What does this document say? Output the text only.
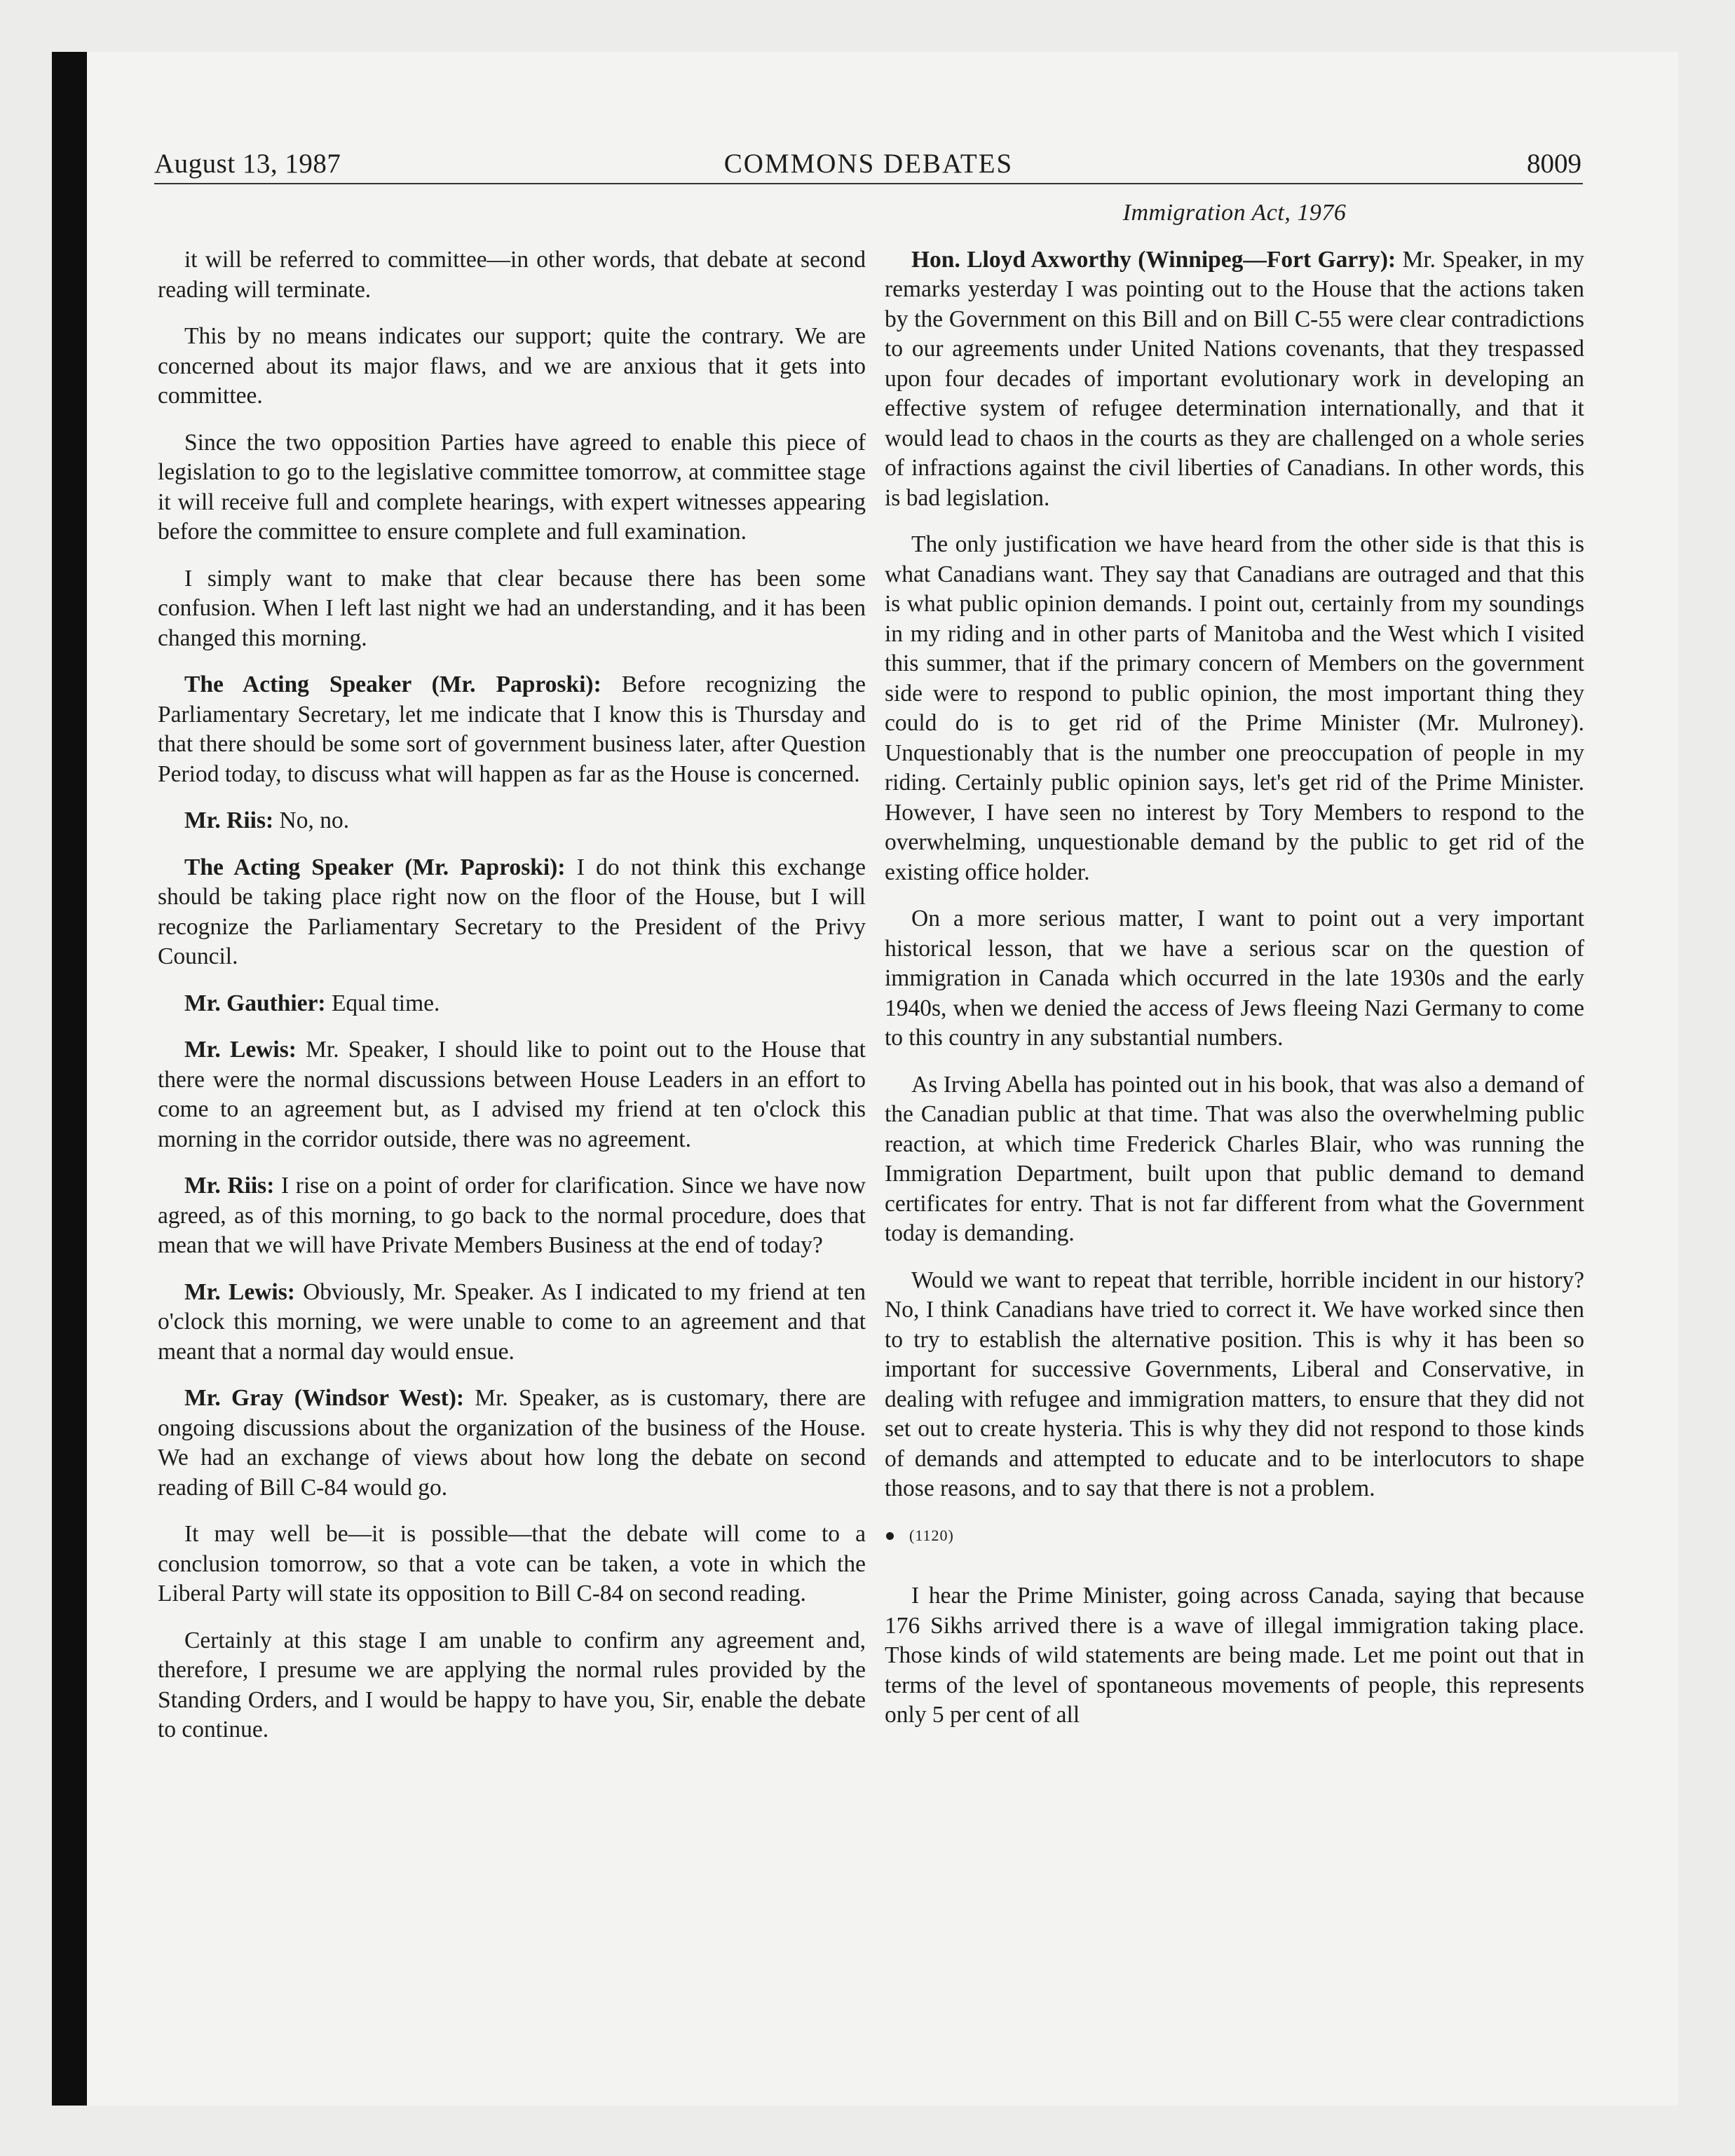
August 13, 1987	COMMONS DEBATES	8009

it will be referred to committee—in other words, that debate at second reading will terminate.

This by no means indicates our support; quite the contrary. We are concerned about its major flaws, and we are anxious that it gets into committee.

Since the two opposition Parties have agreed to enable this piece of legislation to go to the legislative committee tomorrow, at committee stage it will receive full and complete hearings, with expert witnesses appearing before the committee to ensure complete and full examination.

I simply want to make that clear because there has been some confusion. When I left last night we had an understanding, and it has been changed this morning.

The Acting Speaker (Mr. Paproski): Before recognizing the Parliamentary Secretary, let me indicate that I know this is Thursday and that there should be some sort of government business later, after Question Period today, to discuss what will happen as far as the House is concerned.

Mr. Riis: No, no.

The Acting Speaker (Mr. Paproski): I do not think this exchange should be taking place right now on the floor of the House, but I will recognize the Parliamentary Secretary to the President of the Privy Council.

Mr. Gauthier: Equal time.

Mr. Lewis: Mr. Speaker, I should like to point out to the House that there were the normal discussions between House Leaders in an effort to come to an agreement but, as I advised my friend at ten o'clock this morning in the corridor outside, there was no agreement.

Mr. Riis: I rise on a point of order for clarification. Since we have now agreed, as of this morning, to go back to the normal procedure, does that mean that we will have Private Members Business at the end of today?

Mr. Lewis: Obviously, Mr. Speaker. As I indicated to my friend at ten o'clock this morning, we were unable to come to an agreement and that meant that a normal day would ensue.

Mr. Gray (Windsor West): Mr. Speaker, as is customary, there are ongoing discussions about the organization of the business of the House. We had an exchange of views about how long the debate on second reading of Bill C-84 would go.

It may well be—it is possible—that the debate will come to a conclusion tomorrow, so that a vote can be taken, a vote in which the Liberal Party will state its opposition to Bill C-84 on second reading.

Certainly at this stage I am unable to confirm any agreement and, therefore, I presume we are applying the normal rules provided by the Standing Orders, and I would be happy to have you, Sir, enable the debate to continue.

Immigration Act, 1976

Hon. Lloyd Axworthy (Winnipeg—Fort Garry): Mr. Speaker, in my remarks yesterday I was pointing out to the House that the actions taken by the Government on this Bill and on Bill C-55 were clear contradictions to our agreements under United Nations covenants, that they trespassed upon four decades of important evolutionary work in developing an effective system of refugee determination internationally, and that it would lead to chaos in the courts as they are challenged on a whole series of infractions against the civil liberties of Canadians. In other words, this is bad legislation.

The only justification we have heard from the other side is that this is what Canadians want. They say that Canadians are outraged and that this is what public opinion demands. I point out, certainly from my soundings in my riding and in other parts of Manitoba and the West which I visited this summer, that if the primary concern of Members on the government side were to respond to public opinion, the most important thing they could do is to get rid of the Prime Minister (Mr. Mulroney). Unquestionably that is the number one preoccupation of people in my riding. Certainly public opinion says, let's get rid of the Prime Minister. However, I have seen no interest by Tory Members to respond to the overwhelming, unquestionable demand by the public to get rid of the existing office holder.

On a more serious matter, I want to point out a very important historical lesson, that we have a serious scar on the question of immigration in Canada which occurred in the late 1930s and the early 1940s, when we denied the access of Jews fleeing Nazi Germany to come to this country in any substantial numbers.

As Irving Abella has pointed out in his book, that was also a demand of the Canadian public at that time. That was also the overwhelming public reaction, at which time Frederick Charles Blair, who was running the Immigration Department, built upon that public demand to demand certificates for entry. That is not far different from what the Government today is demanding.

Would we want to repeat that terrible, horrible incident in our history? No, I think Canadians have tried to correct it. We have worked since then to try to establish the alternative position. This is why it has been so important for successive Governments, Liberal and Conservative, in dealing with refugee and immigration matters, to ensure that they did not set out to create hysteria. This is why they did not respond to those kinds of demands and attempted to educate and to be interlocutors to shape those reasons, and to say that there is not a problem.

(1120)

I hear the Prime Minister, going across Canada, saying that because 176 Sikhs arrived there is a wave of illegal immigration taking place. Those kinds of wild statements are being made. Let me point out that in terms of the level of spontaneous movements of people, this represents only 5 per cent of all
